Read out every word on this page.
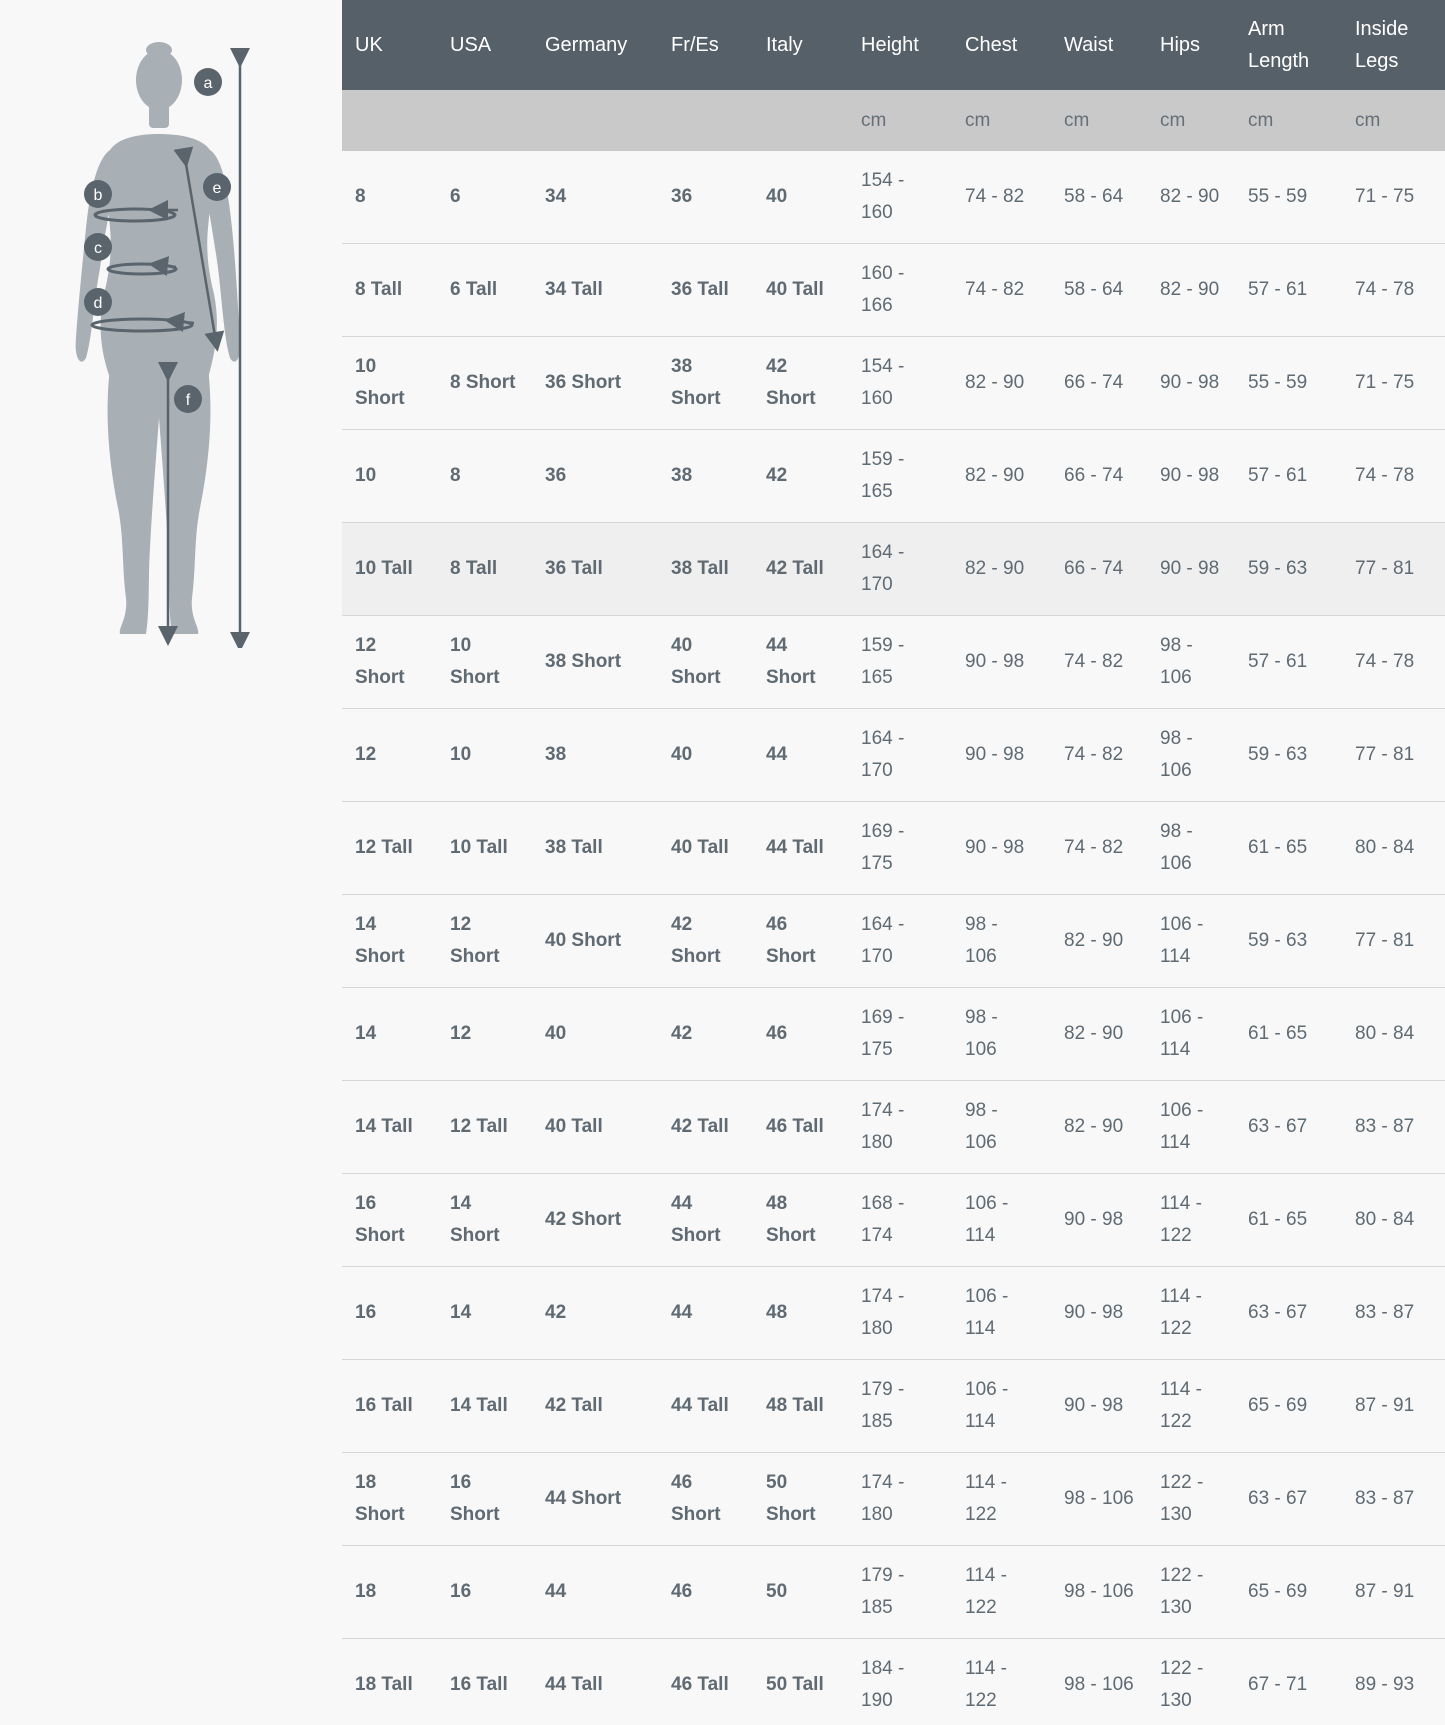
a
b
c
d
e
f
UK	USA	Germany	Fr/Es	Italy	Height	Chest	Waist	Hips	Arm Length	Inside Legs
					cm	cm	cm	cm	cm	cm
8	6	34	36	40	154 - 160	74 - 82	58 - 64	82 - 90	55 - 59	71 - 75
8 Tall	6 Tall	34 Tall	36 Tall	40 Tall	160 - 166	74 - 82	58 - 64	82 - 90	57 - 61	74 - 78
10 Short	8 Short	36 Short	38 Short	42 Short	154 - 160	82 - 90	66 - 74	90 - 98	55 - 59	71 - 75
10	8	36	38	42	159 - 165	82 - 90	66 - 74	90 - 98	57 - 61	74 - 78
10 Tall	8 Tall	36 Tall	38 Tall	42 Tall	164 - 170	82 - 90	66 - 74	90 - 98	59 - 63	77 - 81
12 Short	10 Short	38 Short	40 Short	44 Short	159 - 165	90 - 98	74 - 82	98 - 106	57 - 61	74 - 78
12	10	38	40	44	164 - 170	90 - 98	74 - 82	98 - 106	59 - 63	77 - 81
12 Tall	10 Tall	38 Tall	40 Tall	44 Tall	169 - 175	90 - 98	74 - 82	98 - 106	61 - 65	80 - 84
14 Short	12 Short	40 Short	42 Short	46 Short	164 - 170	98 - 106	82 - 90	106 - 114	59 - 63	77 - 81
14	12	40	42	46	169 - 175	98 - 106	82 - 90	106 - 114	61 - 65	80 - 84
14 Tall	12 Tall	40 Tall	42 Tall	46 Tall	174 - 180	98 - 106	82 - 90	106 - 114	63 - 67	83 - 87
16 Short	14 Short	42 Short	44 Short	48 Short	168 - 174	106 - 114	90 - 98	114 - 122	61 - 65	80 - 84
16	14	42	44	48	174 - 180	106 - 114	90 - 98	114 - 122	63 - 67	83 - 87
16 Tall	14 Tall	42 Tall	44 Tall	48 Tall	179 - 185	106 - 114	90 - 98	114 - 122	65 - 69	87 - 91
18 Short	16 Short	44 Short	46 Short	50 Short	174 - 180	114 - 122	98 - 106	122 - 130	63 - 67	83 - 87
18	16	44	46	50	179 - 185	114 - 122	98 - 106	122 - 130	65 - 69	87 - 91
18 Tall	16 Tall	44 Tall	46 Tall	50 Tall	184 - 190	114 - 122	98 - 106	122 - 130	67 - 71	89 - 93
